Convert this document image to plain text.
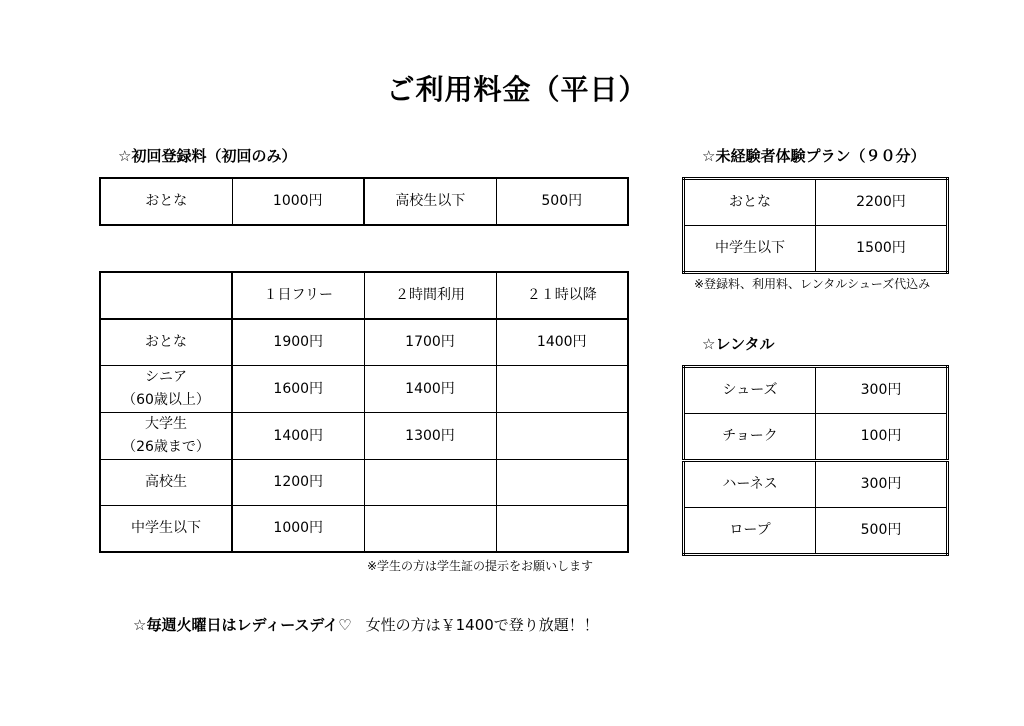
ご利用料金（平日）
☆初回登録料（初回のみ）
おとな	1000円	高校生以下	500円
	１日フリー	２時間利用	２１時以降
おとな	1900円	1700円	1400円

シニア
（60歳以上）	1600円	1400円	

大学生
（26歳まで）	1400円	1300円	
高校生	1200円		
中学生以下	1000円		
※学生の方は学生証の提示をお願いします
☆未経験者体験プラン（９０分）
おとな	2200円
中学生以下	1500円
※登録料、利用料、レンタルシューズ代込み
☆レンタル
シューズ	300円
チョーク	100円
ハーネス	300円
ロープ	500円
☆毎週火曜日はレディースデイ♡ 女性の方は￥1400で登り放題！！
